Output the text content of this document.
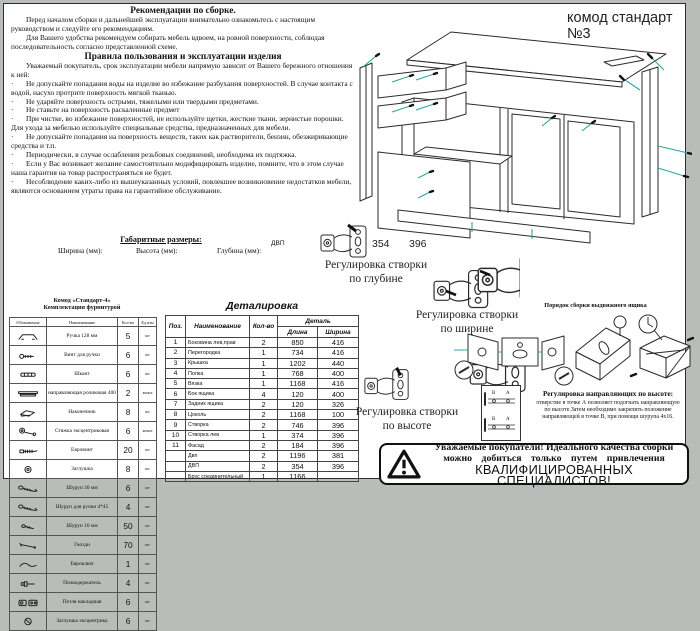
Рекомендации по сборке.

Перед началом сборки и дальнейшей эксплуатации внимательно ознакомьтесь с настоящим руководством и следуйте его рекомендациям.

Для Вашего удобства рекомендуем собирать мебель вдвоем, на ровной поверхности, соблюдая последовательность согласно представленной схеме.

Правила пользования и эксплуатации изделия

Уважаемый покупатель, срок эксплуатации мебели напрямую зависит от Вашего бережного отношения к ней:

·Не допускайте попадания воды на изделие во избежание разбухания поверхностей. В случае контакта с водой, насухо протрите поверхность мягкой тканью.

·Не ударяйте поверхность острыми, тяжелыми или твердыми предметами.

·Не ставьте на поверхность раскаленные предмет

·При чистке, во избежание поверхностей, не используйте щетки, жесткие ткани, зернистые порошки. Для ухода за мебелью используйте специальные средства, предназначенных для мебели.

·Не допускайте попадания на поверхность веществ, таких как растворители, бензин, обезжиривающие средства и т.п.

·Периодически, в случае ослабления резьбовых соединений, необходима их подтяжка.

·Если у Вас возникает желание самостоятельно модифицировать изделие, помните, что в этом случае наша гарантия на товар распространяться не будет.

·Несоблюдение каких-либо из вышеуказанных условий, повлекшее возникновение недостатков мебели, являются основанием утраты права на гарантийное обслуживание.

Габаритные размеры:
Ширина (мм):	Высота (мм):	Глубина (мм):
ДВП	354 396
Комод «Стандарт-4»
Комплектация фурнитурой
Обозначение	Наименование	Кол-во	Ед.изм
	Ручка 128 мм	5	шт
	Винт для ручки	6	шт
	Шкант	6	шт
	направляющая роликовая 400	2	компл
	Наконечник	8	шт
	Стяжка эксцентриковая	6	компл
	Евровинт	20	шт
	Заглушка	8	шт
	Шуруп 30 мм	6	шт
	Шуруп для ручки 4*45	4	шт
	Шуруп 16 мм	50	шт
	Гвозди	70	шт
	Евроключ	1	шт
	Полкодержатель	4	шт
	Петля накладная	6	шт
	Заглушка эксцентрика	6	шт
Деталировка
Поз.	Наименование	Кол-во	Деталь	
			Длина	Ширина
1	Боковина лев,прав	2	850	416
2	Перегородка	1	734	416
3	Крышка	1	1202	440
4	Полка	1	768	400
5	Вязка	1	1168	416
6	Бок ящика	4	120	400
7	Задник ящика	2	120	326
8	Цоколь	2	1168	100
9	Створка	2	746	396
10	Створка лев	1	374	396
11	Фасад	2	184	396
	Двп	2	1196	381
	ДВП	2	354	396
	Брус соединительный	1	1166	
комод стандарт №3
Регулировка створки
по глубине
Регулировка створки
по ширине
Порядок сборки выдвижного ящика
Регулировка створки
по высоте
B A
B A
Регулировка направляющих по высоте:
отверстие в точке А позволяет подогнать направляющую
по высоте.Затем необходимо закрепить положение
направляющей в точке В, при помощи шурупа 4х16.
Уважаемые покупатели! Идеального качества сборки
можно добиться только путем привлечения
КВАЛИФИЦИРОВАННЫХ СПЕЦИАЛИСТОВ!
